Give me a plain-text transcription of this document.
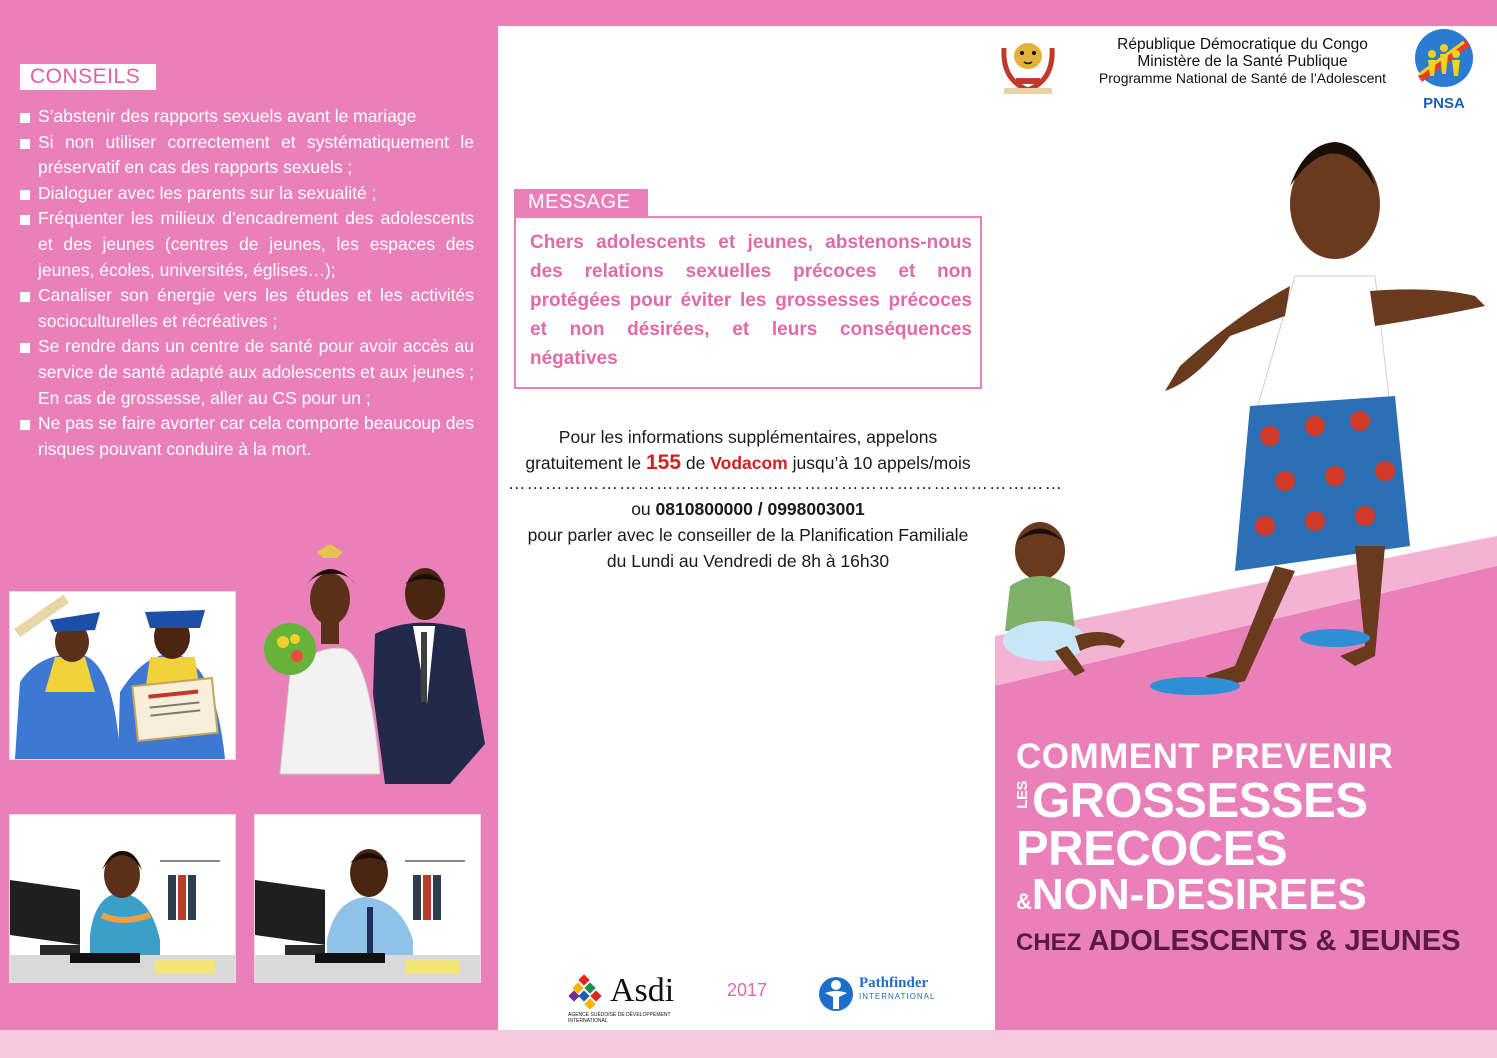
CONSEILS
S’abstenir des rapports sexuels avant le mariage
Si non utiliser correctement et systématiquement le préservatif en cas des rapports sexuels ;
Dialoguer avec les parents sur la sexualité ;
Fréquenter les milieux d’encadrement des adolescents et des jeunes (centres de jeunes, les espaces des jeunes, écoles, universités, églises…);
Canaliser son énergie vers les études et les activités socioculturelles et récréatives ;
Se rendre dans un centre de santé pour avoir accès au service de santé adapté aux adolescents et aux jeunes ; En cas de grossesse, aller au CS pour un ;
Ne pas se faire avorter car cela comporte beaucoup des risques pouvant conduire à la mort.
MESSAGE
Chers adolescents et jeunes, abstenons-nous des relations sexuelles précoces et non protégées pour éviter les grossesses précoces et non désirées, et leurs conséquences négatives
Pour les informations supplémentaires, appelons gratuitement le 155 de Vodacom jusqu’à 10 appels/mois
………………………………………………………………………………
ou 0810800000 / 0998003001
pour parler avec le conseiller de la Planification Familiale
du Lundi au Vendredi de 8h à 16h30
Asdi
AGENCE SUÉDOISE DE DÉVELOPPEMENT INTERNATIONAL
2017	Pathfinder
INTERNATIONAL
République Démocratique du Congo
Ministère de la Santé Publique
Programme National de Santé de l’Adolescent
PNSA
COMMENT PREVENIR
LESGROSSESSES
PRECOCES
&NON-DESIREES
CHEZ ADOLESCENTS & JEUNES
